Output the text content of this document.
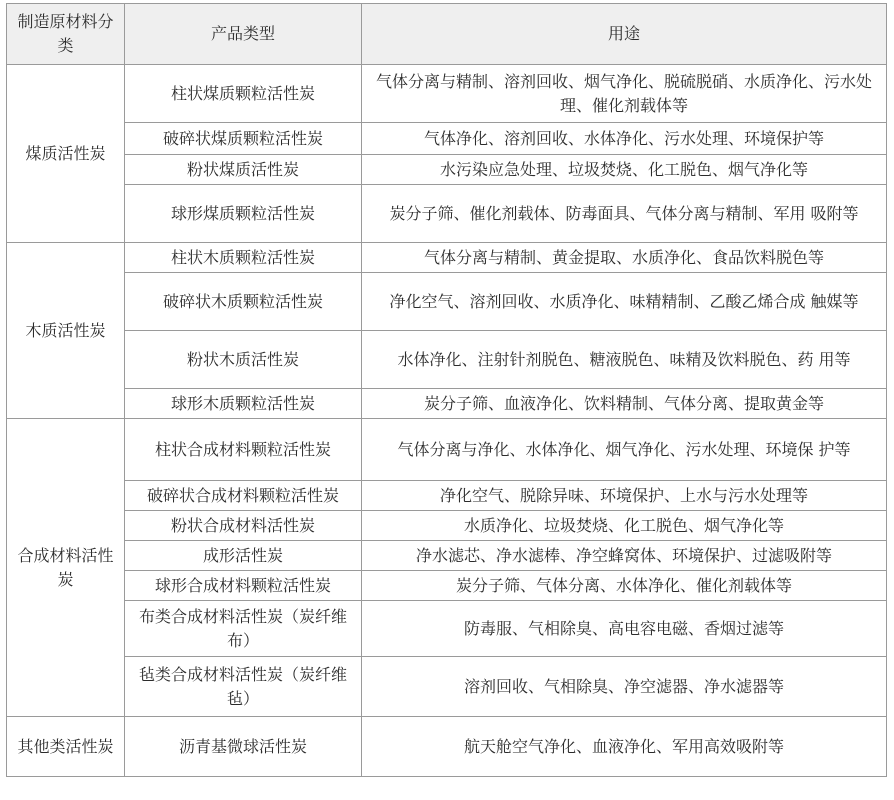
制造原材料分类	产品类型	用途
煤质活性炭	柱状煤质颗粒活性炭	气体分离与精制、溶剂回收、烟气净化、脱硫脱硝、水质净化、污水处理、催化剂载体等
	破碎状煤质颗粒活性炭	气体净化、溶剂回收、水体净化、污水处理、环境保护等
	粉状煤质活性炭	水污染应急处理、垃圾焚烧、化工脱色、烟气净化等
	球形煤质颗粒活性炭	炭分子筛、催化剂载体、防毒面具、气体分离与精制、军用 吸附等
木质活性炭	柱状木质颗粒活性炭	气体分离与精制、黄金提取、水质净化、食品饮料脱色等
	破碎状木质颗粒活性炭	净化空气、溶剂回收、水质净化、味精精制、乙酸乙烯合成 触媒等
	粉状木质活性炭	水体净化、注射针剂脱色、糖液脱色、味精及饮料脱色、药 用等
	球形木质颗粒活性炭	炭分子筛、血液净化、饮料精制、气体分离、提取黄金等
合成材料活性炭	柱状合成材料颗粒活性炭	气体分离与净化、水体净化、烟气净化、污水处理、环境保 护等
	破碎状合成材料颗粒活性炭	净化空气、脱除异味、环境保护、上水与污水处理等
	粉状合成材料活性炭	水质净化、垃圾焚烧、化工脱色、烟气净化等
	成形活性炭	净水滤芯、净水滤棒、净空蜂窝体、环境保护、过滤吸附等
	球形合成材料颗粒活性炭	炭分子筛、气体分离、水体净化、催化剂载体等
	布类合成材料活性炭（炭纤维布）	防毒服、气相除臭、高电容电磁、香烟过滤等
	毡类合成材料活性炭（炭纤维毡）	溶剂回收、气相除臭、净空滤器、净水滤器等
其他类活性炭	沥青基微球活性炭	航天舱空气净化、血液净化、军用高效吸附等
